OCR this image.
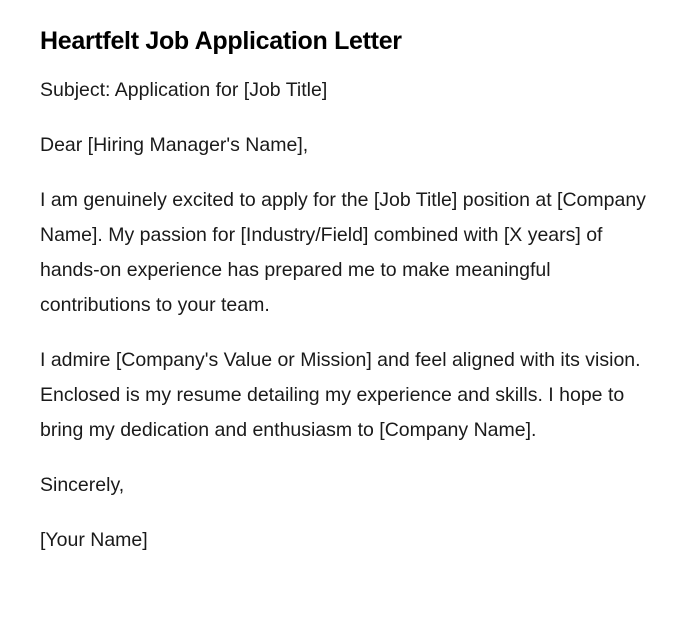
Heartfelt Job Application Letter

Subject: Application for [Job Title]

Dear [Hiring Manager's Name],

I am genuinely excited to apply for the [Job Title] position at [Company Name]. My passion for [Industry/Field] combined with [X years] of hands-on experience has prepared me to make meaningful contributions to your team.

I admire [Company's Value or Mission] and feel aligned with its vision. Enclosed is my resume detailing my experience and skills. I hope to bring my dedication and enthusiasm to [Company Name].

Sincerely,

[Your Name]
